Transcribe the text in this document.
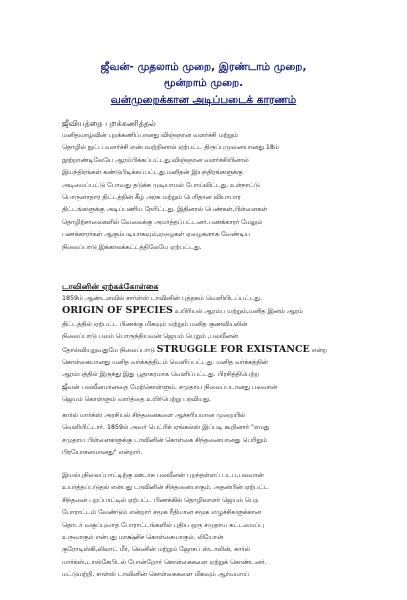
ஜீவன்- முதலாம் முறை, இரண்டாம் முறை,
மூன்றாம் முறை.
வன்முறைக்கான அடிப்படைக் காரணம்
ஜீவியத்தை புறக்கணித்தல்
மனிதவாழ்வின் புறக்கணிப்பானது விஞ்ஞான வளர்ச்சி மற்றும்
தொழில் நுட்ப வளர்ச்சி என்பவற்றினால் ஏற்பட்ட திருப்புமுனையானது 18ம்
நூற்றாண்டிலேயே ஆரம்பிக்கப்பட்டது.விஞ்ஞான வளர்ச்சியினால்
இயந்திரங்கள் கண்டுபிடிக்கப்பட்டது.மனிதன் இயந்திரங்களுக்கு
அடிமைப்பட்டு போவது தடுக்க முடியாமல் போய்விட்டது. உள்நாட்டு
பொருளாதார திட்டத்தின் கீழ் அரசு மற்றும் பெரிதான வியாபார
திட்டங்களுக்கு அடிப்பணிய நேரிட்டது. இதினால் பெண்கள்,பிள்ளைகள்
தொழிற்சாலைகளில் வேலைக்கு அமர்த்தப்பட்டனர்.பணக்காரர் மேலும்
பணக்காரர்கள் ஆகும்படியாகவும்,ஏழைகள் ஏழைகளாக வேண்டிய
நிலைப்பாடு இக்காலக்கட்டத்திலேயே ஏற்பட்டது.
டாவினின் ஏற்கக்கோள்கை
1859ம் ஆண்டளவில் சார்ள்ஸ் டாவினின் புத்தகம் வெளியிடப்பட்டது.
ORIGIN OF SPECIES உயிரியல் ஆரம்ப மற்றும்,மனித இனம் ஆரம்
திட்டத்தில் ஏற்பட்ட பிணக்கு மிகவும் மற்றும் மனித குணவியலின்
நிலைப்பாடு பலம் பொருந்தியவன் ஜெயம் பெறும் ,பலவீனன்
தோல்வியுறுவதுமே நிலைப்பாடு STRUGGLE FOR EXISTANCE என்ற
கொள்கையானது மனித வர்க்கத்திடம் வெளிப்பட்டது. மனித வர்க்கத்தின்
ஆரம்பத்தில் இருந்து இது பூதாகரமாக வெளிப்பட்டது. பிரசித்திபெற்ற
ஜீவன் பலவீனமானதை மேற்கொள்ளும். சமுதாய நிலைப்படானது பலவான்
ஜெயம் கொள்ளும் வார்த்தை உயிர்பெற்று பரவியது.
கார்ல் மார்க்ஸ் அரசியல் சிந்தனைகளை ஆச்சரியமான முறையில்
வெளியிட்டார். 1859ல் அவர் பெட்ரிக் ஏங்கல்ஸ் இப்படி கூறினார் "எமது
சமுதாய பிள்ளைகளுக்கு டாவினின் கொள்கை சிந்தனையானது பெரிதும்
பிரயோசனமானது" என்றார்.
இயல்புநிலைப்பாட்டிற்கு ஊடாக பலவீனன் புறந்தள்ளப் படப,பலவான்
உயர்த்தப்படுதல் என்பது டாவினின் சிந்தனையாகும். அதன்பின் ஏற்பட்ட
சிந்தனை புறப்பாட்டில் ஏற்பட்ட பிணக்கில் தொழிலாளர் ஜெயம் பெற
போராட்டம் வேண்டும் என்றார் சமூக ரீதியான சமூக எழுச்சிகளுக்கான
தொடர் வகுப்புவாத போராட்டங்களில் புதிய ஒரு சமுதாய கட்டமைப்பு
உருவாகும் என்பது மாக்ஷ்சிச கொள்கையாகும். லியோன்
குரோடிஸ்கி,லிலாட் மீர், லெனின் மற்றும் ஜோசப் ஸ்டாலின், கார்ல்
மார்க்ஸ்,டாஸ்கேபிடல் போன்றோர் கொள்கைகளை ஏற்றுக் கொண்டனர்.
மட்டுமற்றி, சாள்ஸ் டாவினின் கொள்கைகளை மிகவும் ஆர்வமாய்
